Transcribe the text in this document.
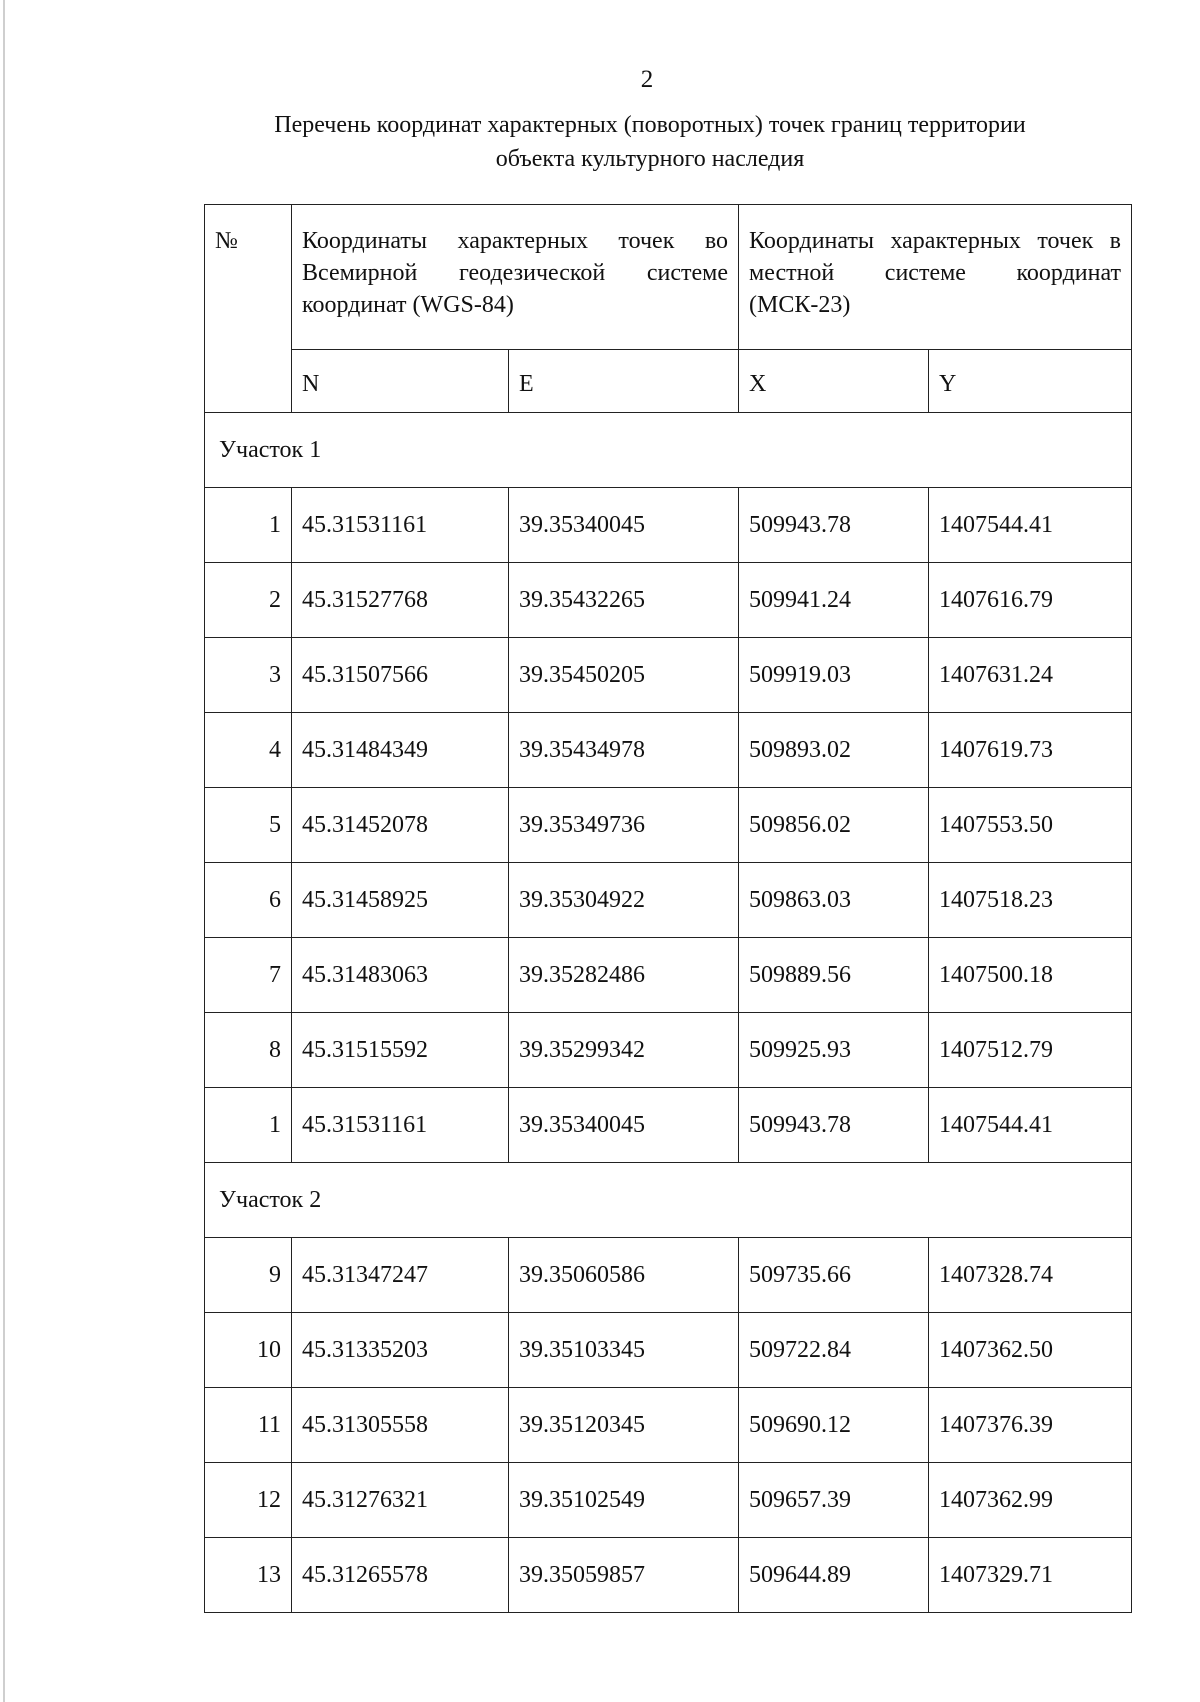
2
Перечень координат характерных (поворотных) точек границ территории
объекта культурного наследия
№	Координаты характерных точек во Всемирной геодезической системе координат (WGS-84)		Координаты характерных точек в местной системе координат (МСК-23)	
	N	E	X	Y
Участок 1				
1	45.31531161	39.35340045	509943.78	1407544.41
2	45.31527768	39.35432265	509941.24	1407616.79
3	45.31507566	39.35450205	509919.03	1407631.24
4	45.31484349	39.35434978	509893.02	1407619.73
5	45.31452078	39.35349736	509856.02	1407553.50
6	45.31458925	39.35304922	509863.03	1407518.23
7	45.31483063	39.35282486	509889.56	1407500.18
8	45.31515592	39.35299342	509925.93	1407512.79
1	45.31531161	39.35340045	509943.78	1407544.41
Участок 2				
9	45.31347247	39.35060586	509735.66	1407328.74
10	45.31335203	39.35103345	509722.84	1407362.50
11	45.31305558	39.35120345	509690.12	1407376.39
12	45.31276321	39.35102549	509657.39	1407362.99
13	45.31265578	39.35059857	509644.89	1407329.71
